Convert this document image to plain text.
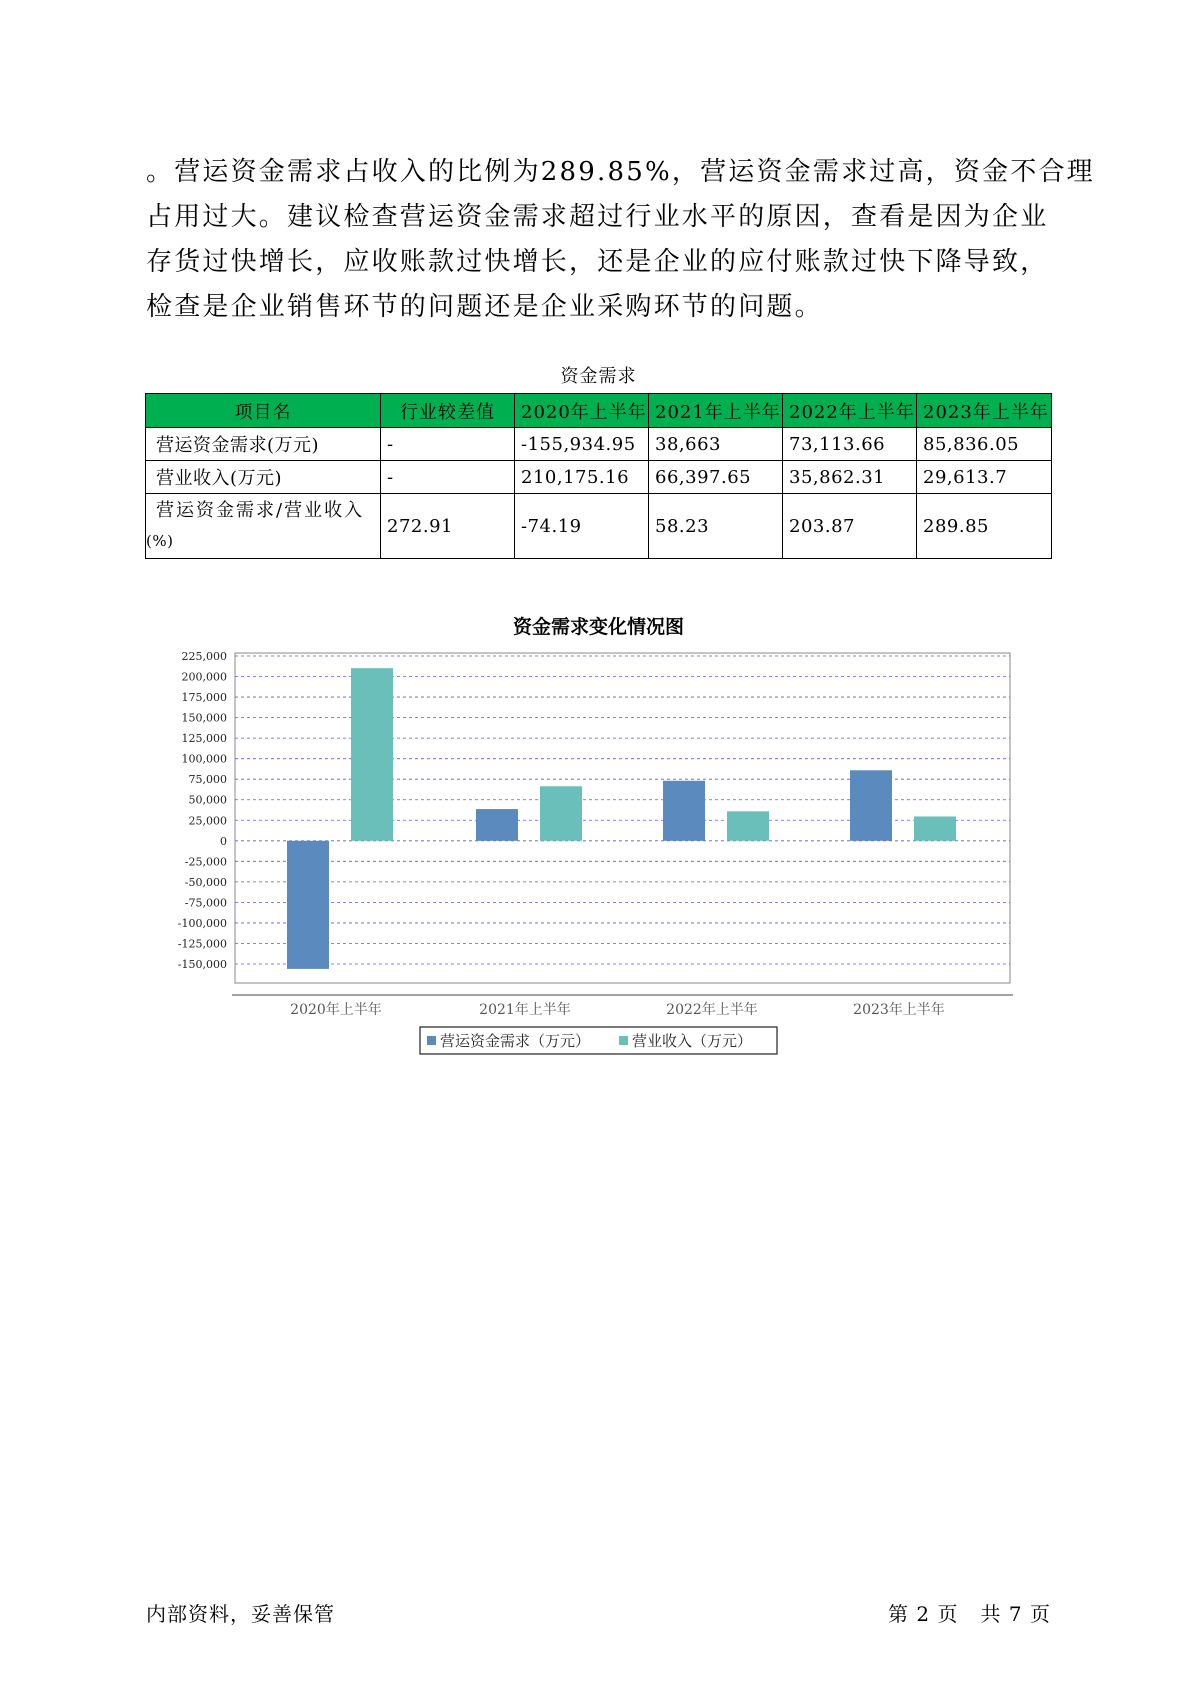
。营运资金需求占收入的比例为289.85%，营运资金需求过高，资金不合理
占用过大。建议检查营运资金需求超过行业水平的原因，查看是因为企业
存货过快增长，应收账款过快增长，还是企业的应付账款过快下降导致，
检查是企业销售环节的问题还是企业采购环节的问题。

资金需求
项目名	行业较差值	2020年上半年	2021年上半年	2022年上半年	2023年上半年
营运资金需求(万元)	-	-155,934.95	38,663	73,113.66	85,836.05
营业收入(万元)	-	210,175.16	66,397.65	35,862.31	29,613.7

营运资金需求/营业收入
(%)	272.91	-74.19	58.23	203.87	289.85
资金需求变化情况图
225,000
200,000
175,000
150,000
125,000
100,000
75,000
50,000
25,000
0
-25,000
-50,000
-75,000
-100,000
-125,000
-150,000
2020年上半年	2021年上半年	2022年上半年	2023年上半年
营运资金需求（万元）	营业收入（万元）
内部资料，妥善保管	第 2 页   共 7 页
